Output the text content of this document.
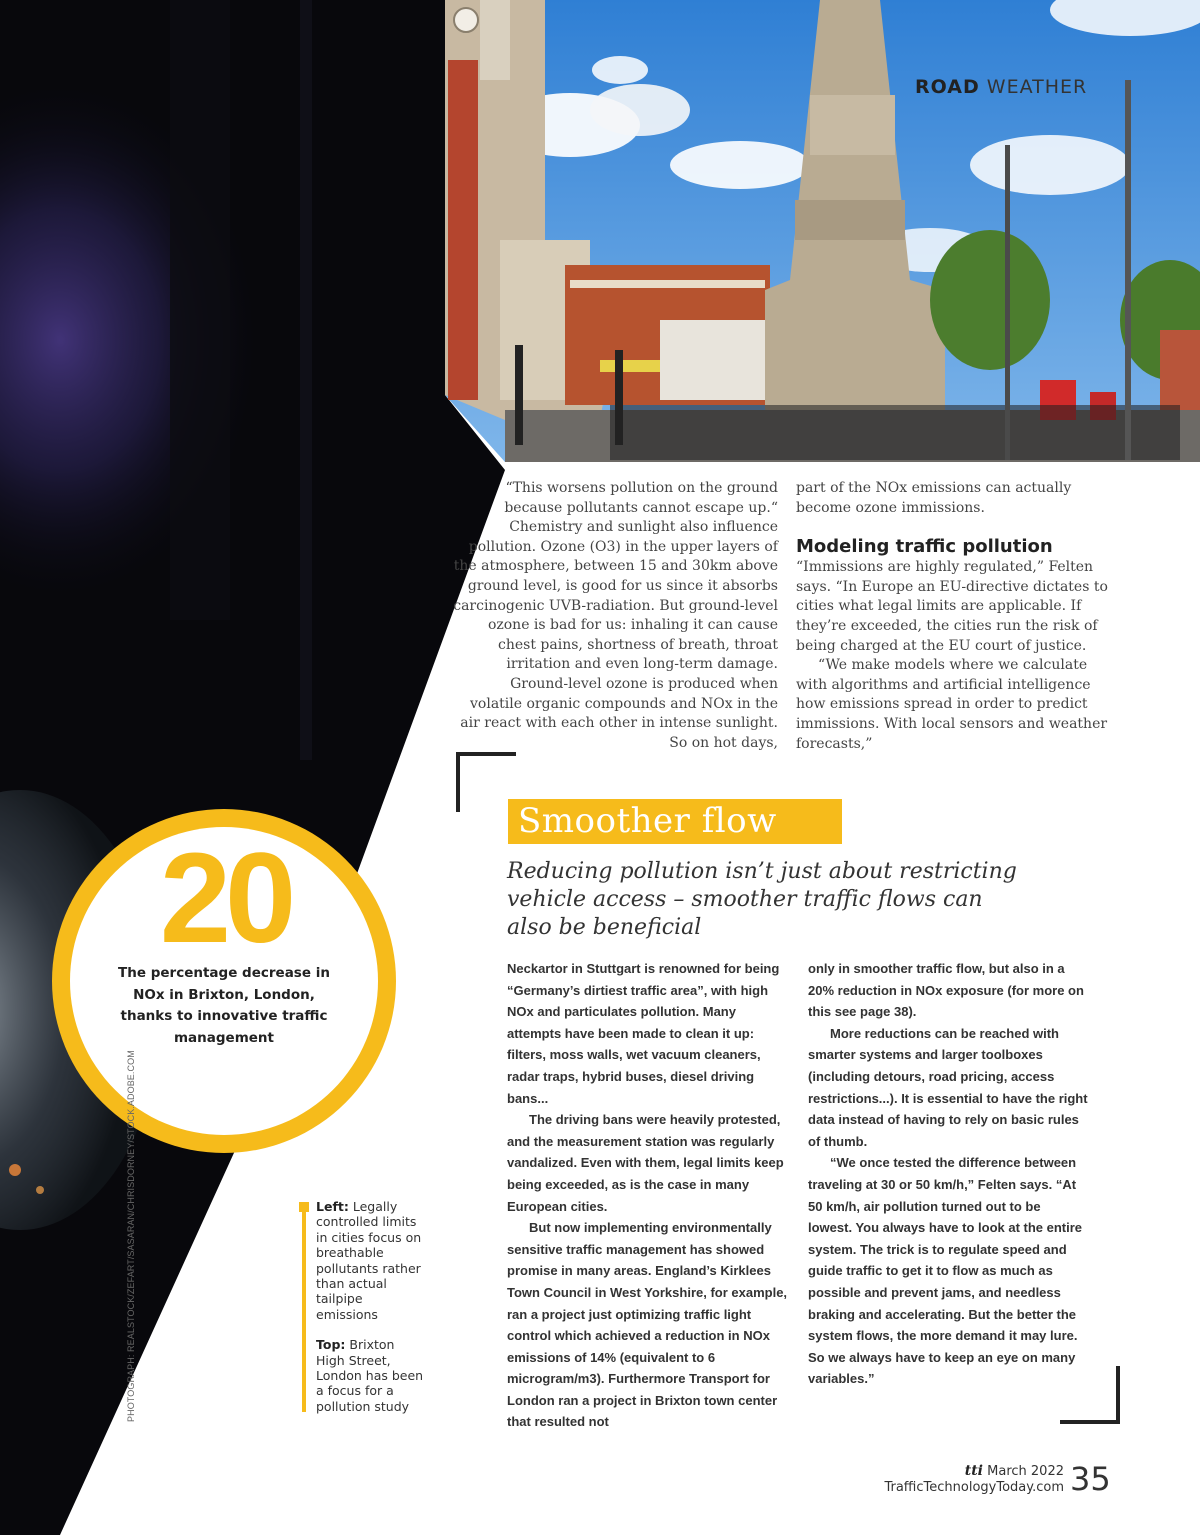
ROAD WEATHER

“This worsens pollution on the ground because pollutants cannot escape up.“

Chemistry and sunlight also influence pollution. Ozone (O3) in the upper layers of the atmosphere, between 15 and 30km above ground level, is good for us since it absorbs carcinogenic UVB-radiation. But ground-level ozone is bad for us: inhaling it can cause chest pains, shortness of breath, throat irritation and even long-term damage.

Ground-level ozone is produced when volatile organic compounds and NOx in the air react with each other in intense sunlight. So on hot days,

part of the NOx emissions can actually become ozone immissions.

Modeling traffic pollution

“Immissions are highly regulated,” Felten says. “In Europe an EU-directive dictates to cities what legal limits are applicable. If they’re exceeded, the cities run the risk of being charged at the EU court of justice.

“We make models where we calculate with algorithms and artificial intelligence how emissions spread in order to predict immissions. With local sensors and weather forecasts,”

Smoother flow
Reducing pollution isn’t just about restricting vehicle access – smoother traffic flows can also be beneficial

Neckartor in Stuttgart is renowned for being “Germany’s dirtiest traffic area”, with high NOx and particulates pollution. Many attempts have been made to clean it up: filters, moss walls, wet vacuum cleaners, radar traps, hybrid buses, diesel driving bans...

The driving bans were heavily protested, and the measurement station was regularly vandalized. Even with them, legal limits keep being exceeded, as is the case in many European cities.

But now implementing environmentally sensitive traffic management has showed promise in many areas. England’s Kirklees Town Council in West Yorkshire, for example, ran a project just optimizing traffic light control which achieved a reduction in NOx emissions of 14% (equivalent to 6 microgram/m3). Furthermore Transport for London ran a project in Brixton town center that resulted not

only in smoother traffic flow, but also in a 20% reduction in NOx exposure (for more on this see page 38).

More reductions can be reached with smarter systems and larger toolboxes (including detours, road pricing, access restrictions...). It is essential to have the right data instead of having to rely on basic rules of thumb.

“We once tested the difference between traveling at 30 or 50 km/h,” Felten says. “At 50 km/h, air pollution turned out to be lowest. You always have to look at the entire system. The trick is to regulate speed and guide traffic to get it to flow as much as possible and prevent jams, and needless braking and accelerating. But the better the system flows, the more demand it may lure. So we always have to keep an eye on many variables.”

20
The percentage decrease in NOx in Brixton, London, thanks to innovative traffic management
PHOTOGRAPH: REALSTOCK/ZEFART/SASARAN/CHRISDORNEY/STOCK.ADOBE.COM	Left: Legally controlled limits in cities focus on breathable pollutants rather than actual tailpipe emissions

Top: Brixton High Street, London has been a focus for a pollution study

tti March 2022
TrafficTechnologyToday.com 35
